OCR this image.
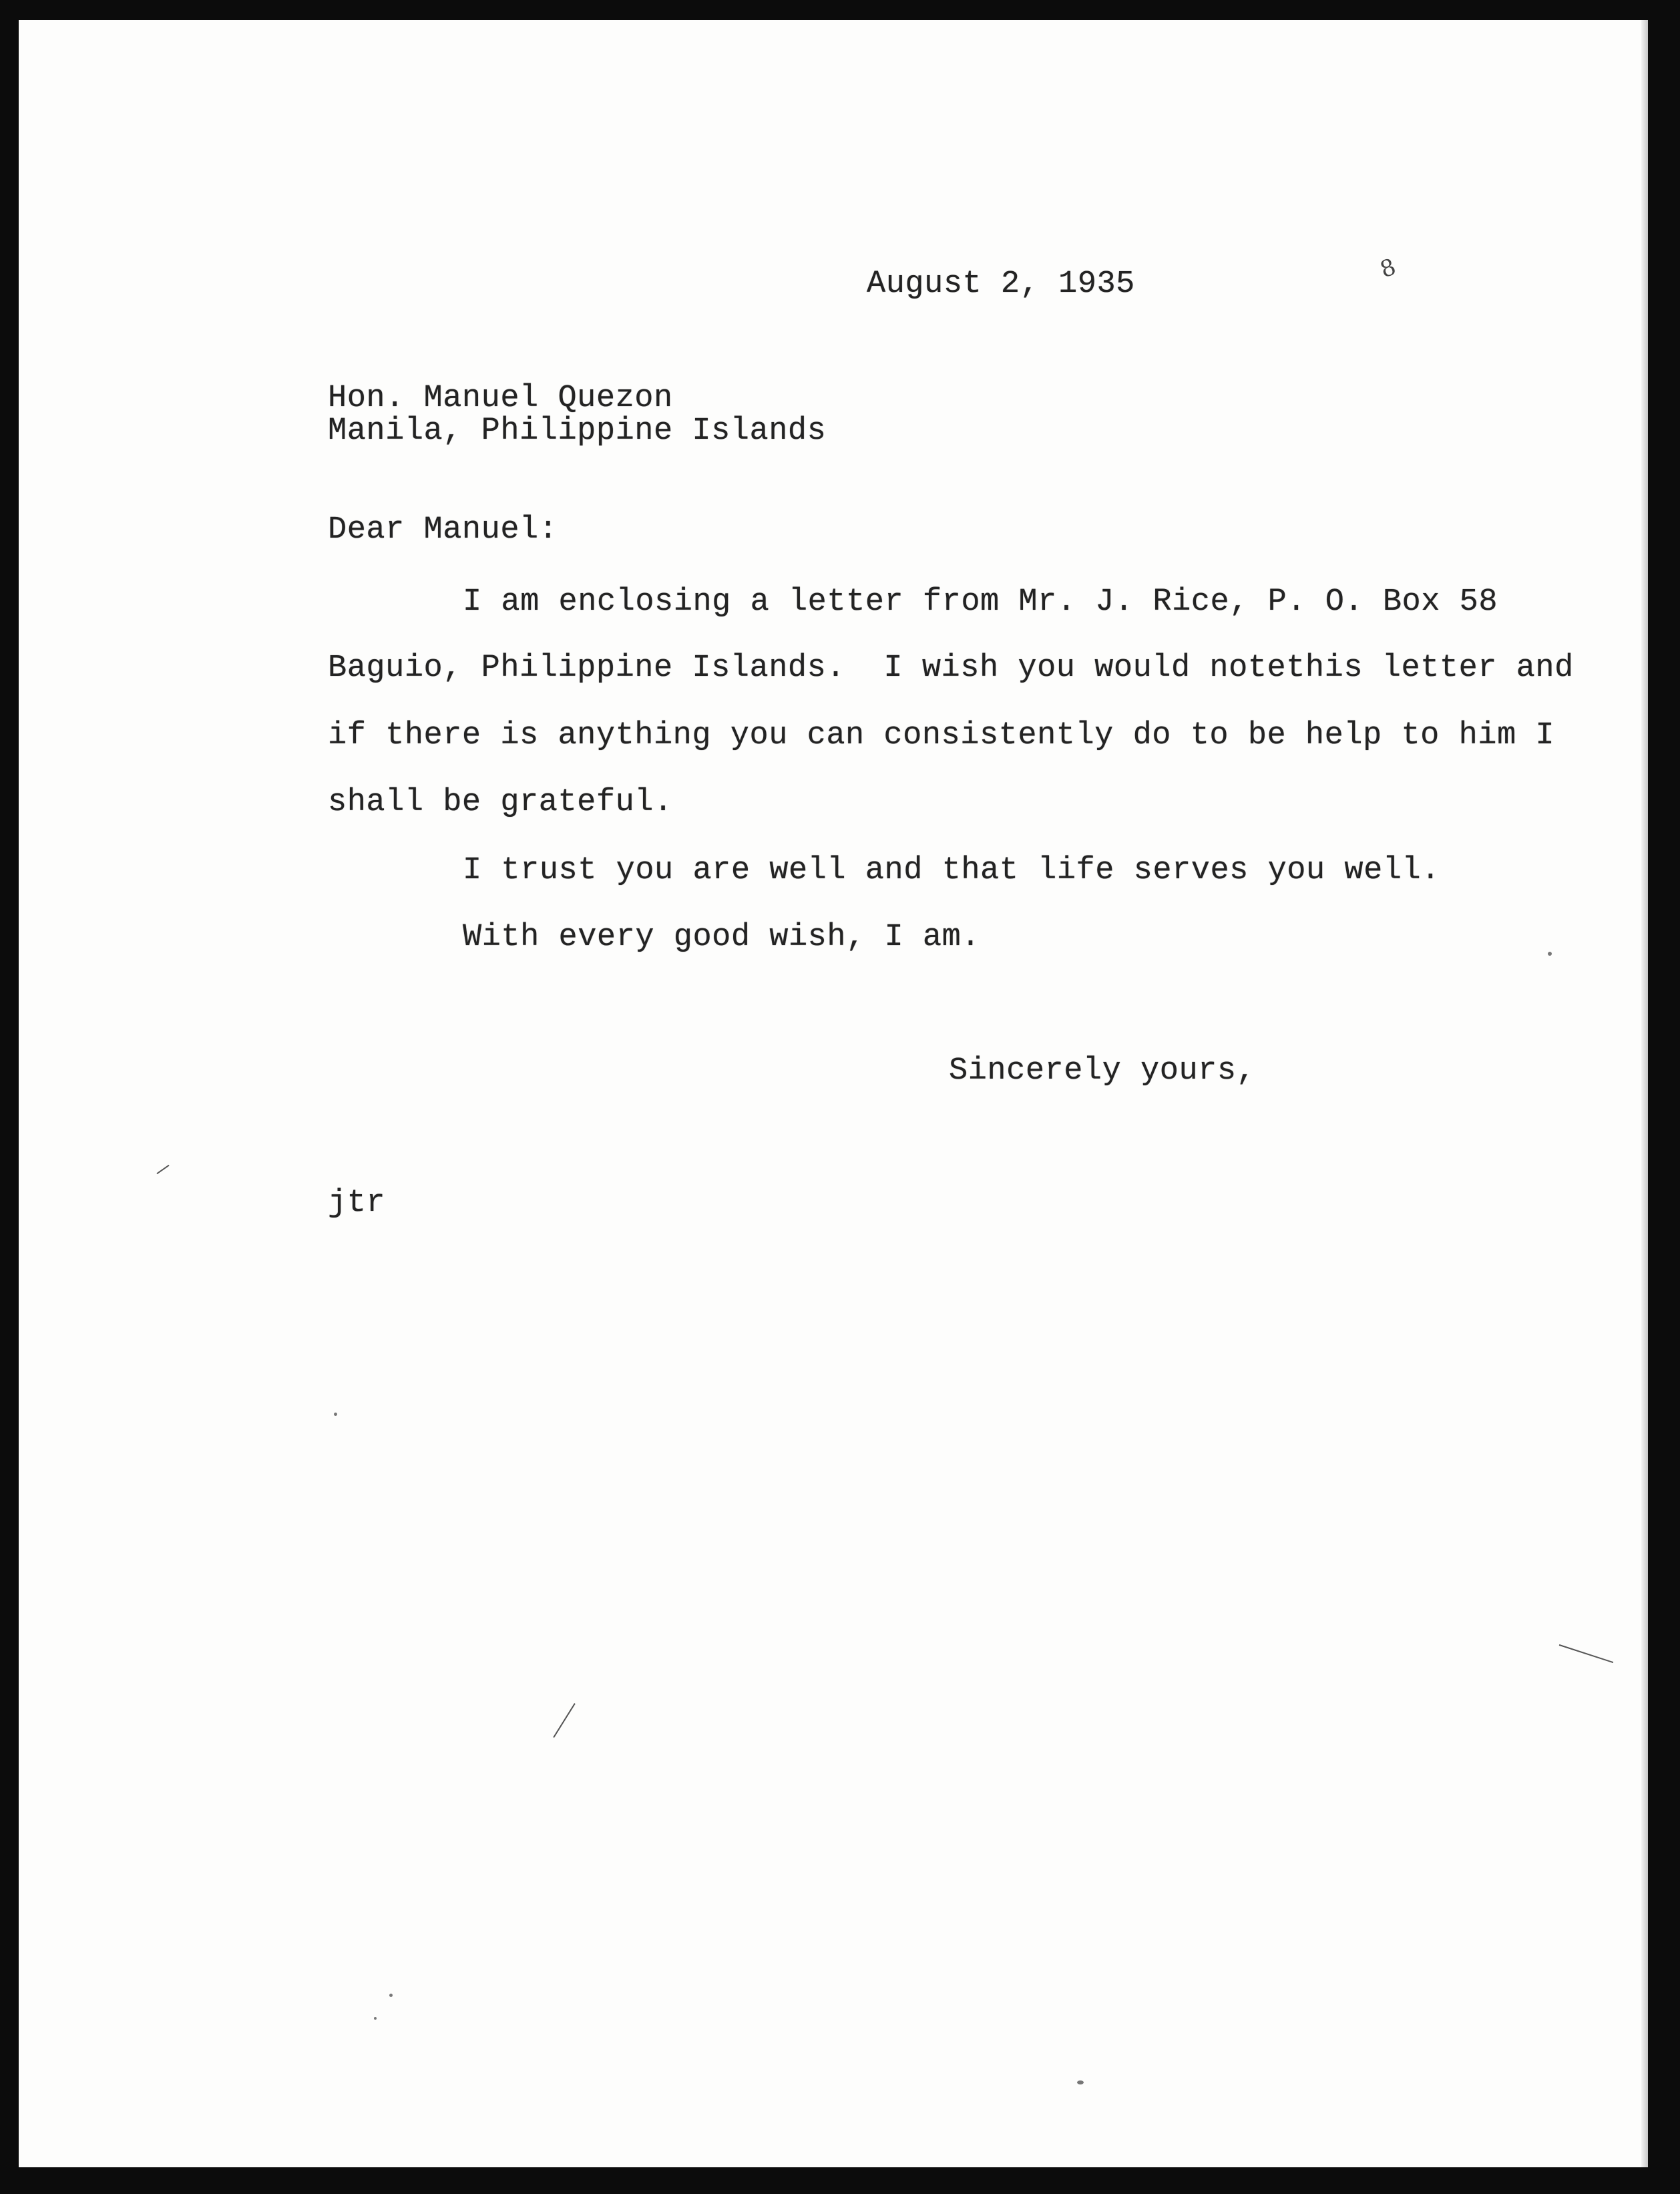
August 2, 1935	8
Hon. Manuel Quezon
Manila, Philippine Islands
Dear Manuel:
I am enclosing a letter from Mr. J. Rice, P. O. Box 58
Baguio, Philippine Islands.  I wish you would notethis letter and
if there is anything you can consistently do to be help to him I
shall be grateful.
I trust you are well and that life serves you well.
With every good wish, I am.
Sincerely yours,
jtr
